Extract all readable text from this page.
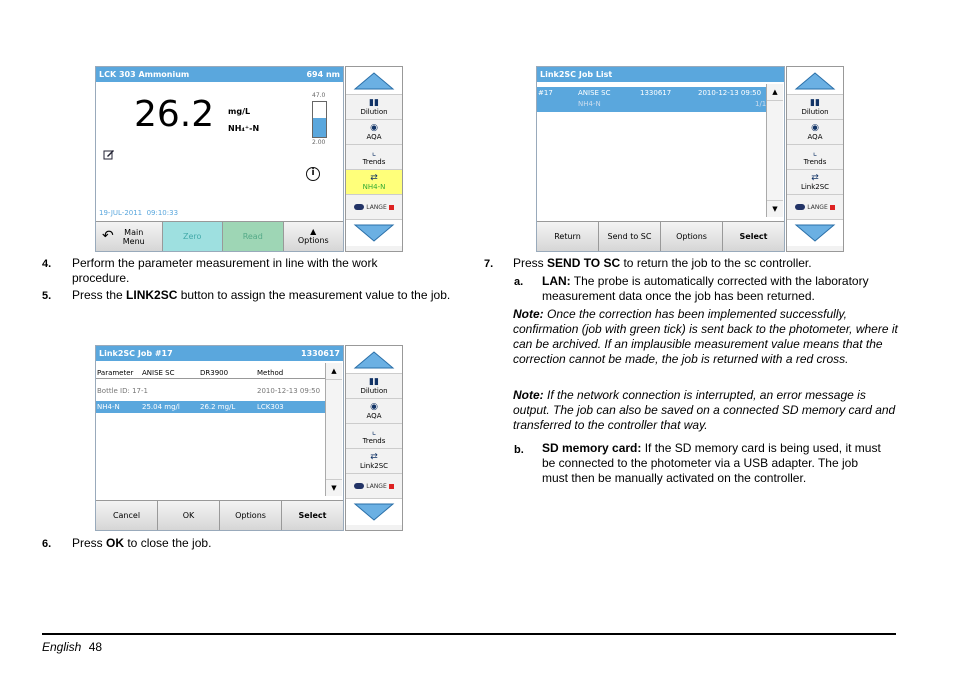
LCK 303 Ammonium	694 nm
26.2 mg/L
NH₄⁺-N
47.0
2.00
i
19-JUL-2011  09:10:33
↶	Main Menu	Zero	Read
▲
Options
▮▮
Dilution
◉
AQA
⌞
Trends
⇄
NH4-N
LANGE
4. Perform the parameter measurement in line with the work procedure.
5. Press the LINK2SC button to assign the measurement value to the job.
Link2SC Job #17	1330617
Parameter ANISE SC	DR3900	Method
Bottle ID: 17-1	2010-12-13 09:50
NH4-N	25.04 mg/l	26.2 mg/L	LCK303
▲
▼
Cancel	OK	Options	Select
▮▮
Dilution
◉
AQA
⌞
Trends
⇄
Link2SC
LANGE
6. Press OK to close the job.
Link2SC Job List
#17	ANISE SC	1330617	2010-12-13 09:50
NH4-N	1/1
▲
▼
Return	Send to SC	Options	Select
▮▮
Dilution
◉
AQA
⌞
Trends
⇄
Link2SC
LANGE
7. Press SEND TO SC to return the job to the sc controller.
a. LAN: The probe is automatically corrected with the laboratory measurement data once the job has been returned.
Note: Once the correction has been implemented successfully, confirmation (job with green tick) is sent back to the photometer, where it can be archived. If an implausible measurement value means that the correction cannot be made, the job is returned with a red cross.
Note: If the network connection is interrupted, an error message is output. The job can also be saved on a connected SD memory card and transferred to the controller that way.
b. SD memory card: If the SD memory card is being used, it must be connected to the photometer via a USB adapter. The job must then be manually activated on the controller.
English 48
